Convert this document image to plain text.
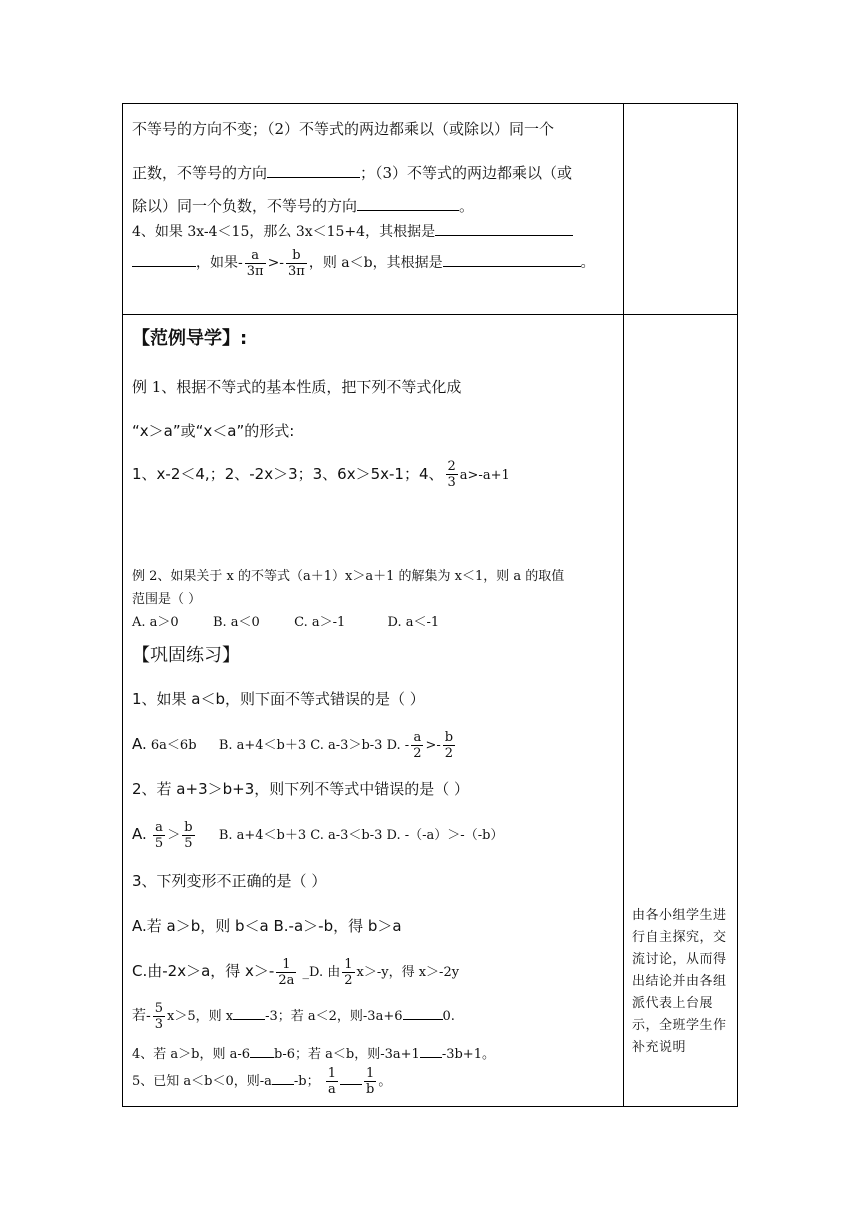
不等号的方向不变；（2）不等式的两边都乘以（或除以）同一个
正数，不等号的方向	；（3）不等式的两边都乘以（或
除以）同一个负数，不等号的方向	。
4、如果 3x-4＜15，那么 3x＜15+4，其根据是
，如果- $\frac{a}{3\pi} >- \frac{b}{3\pi}$ ，则 a＜b，其根据是	。
【范例导学】:
例 1、根据不等式的基本性质，把下列不等式化成
“x＞a”或“x＜a”的形式:
1、x-2＜4,；2、-2x＞3；3、6x＞5x-1；4、 $\frac{2}{3} a>-a+1$
例 2、如果关于 x 的不等式（a＋1）x＞a＋1 的解集为 x＜1，则 a 的取值
范围是（ ）
A. a＞0	B. a＜0	C. a＞-1	D. a＜-1
【巩固练习】
1、如果 a＜b，则下面不等式错误的是（ ）
A. 6a＜6b B. a+4＜b＋3 C. a-3＞b-3 D. - $\frac{a}{2} >- \frac{b}{2}$
2、若 a+3＞b+3，则下列不等式中错误的是（ ）
A. $\frac{a}{5} > \frac{b}{5} B$. a+4＜b＋3 C. a-3＜b-3 D. -（-a）＞-（-b）
3、下列变形不正确的是（ ）
A.若 a＞b，则 b＜a B.-a＞-b，得 b＞a
C.由-2x＞a，得 $x>- \frac{1}{2a}$ _D. 由 $\frac{1}{2} x>-y$，得 x＞-2y
若- $\frac{5}{3} x>5$，则 x -3；若 a＜2，则-3a+6	0.
4、若 a＞b，则 a-6 b-6；若 a＜b，则-3a+1 -3b+1。
5、已知 a＜b＜0，则-a -b； $\frac{1}{a} \frac{1}{b}$ 。
由各小组学生进行自主探究，交流讨论，从而得出结论并由各组派代表上台展示，全班学生作补充说明
